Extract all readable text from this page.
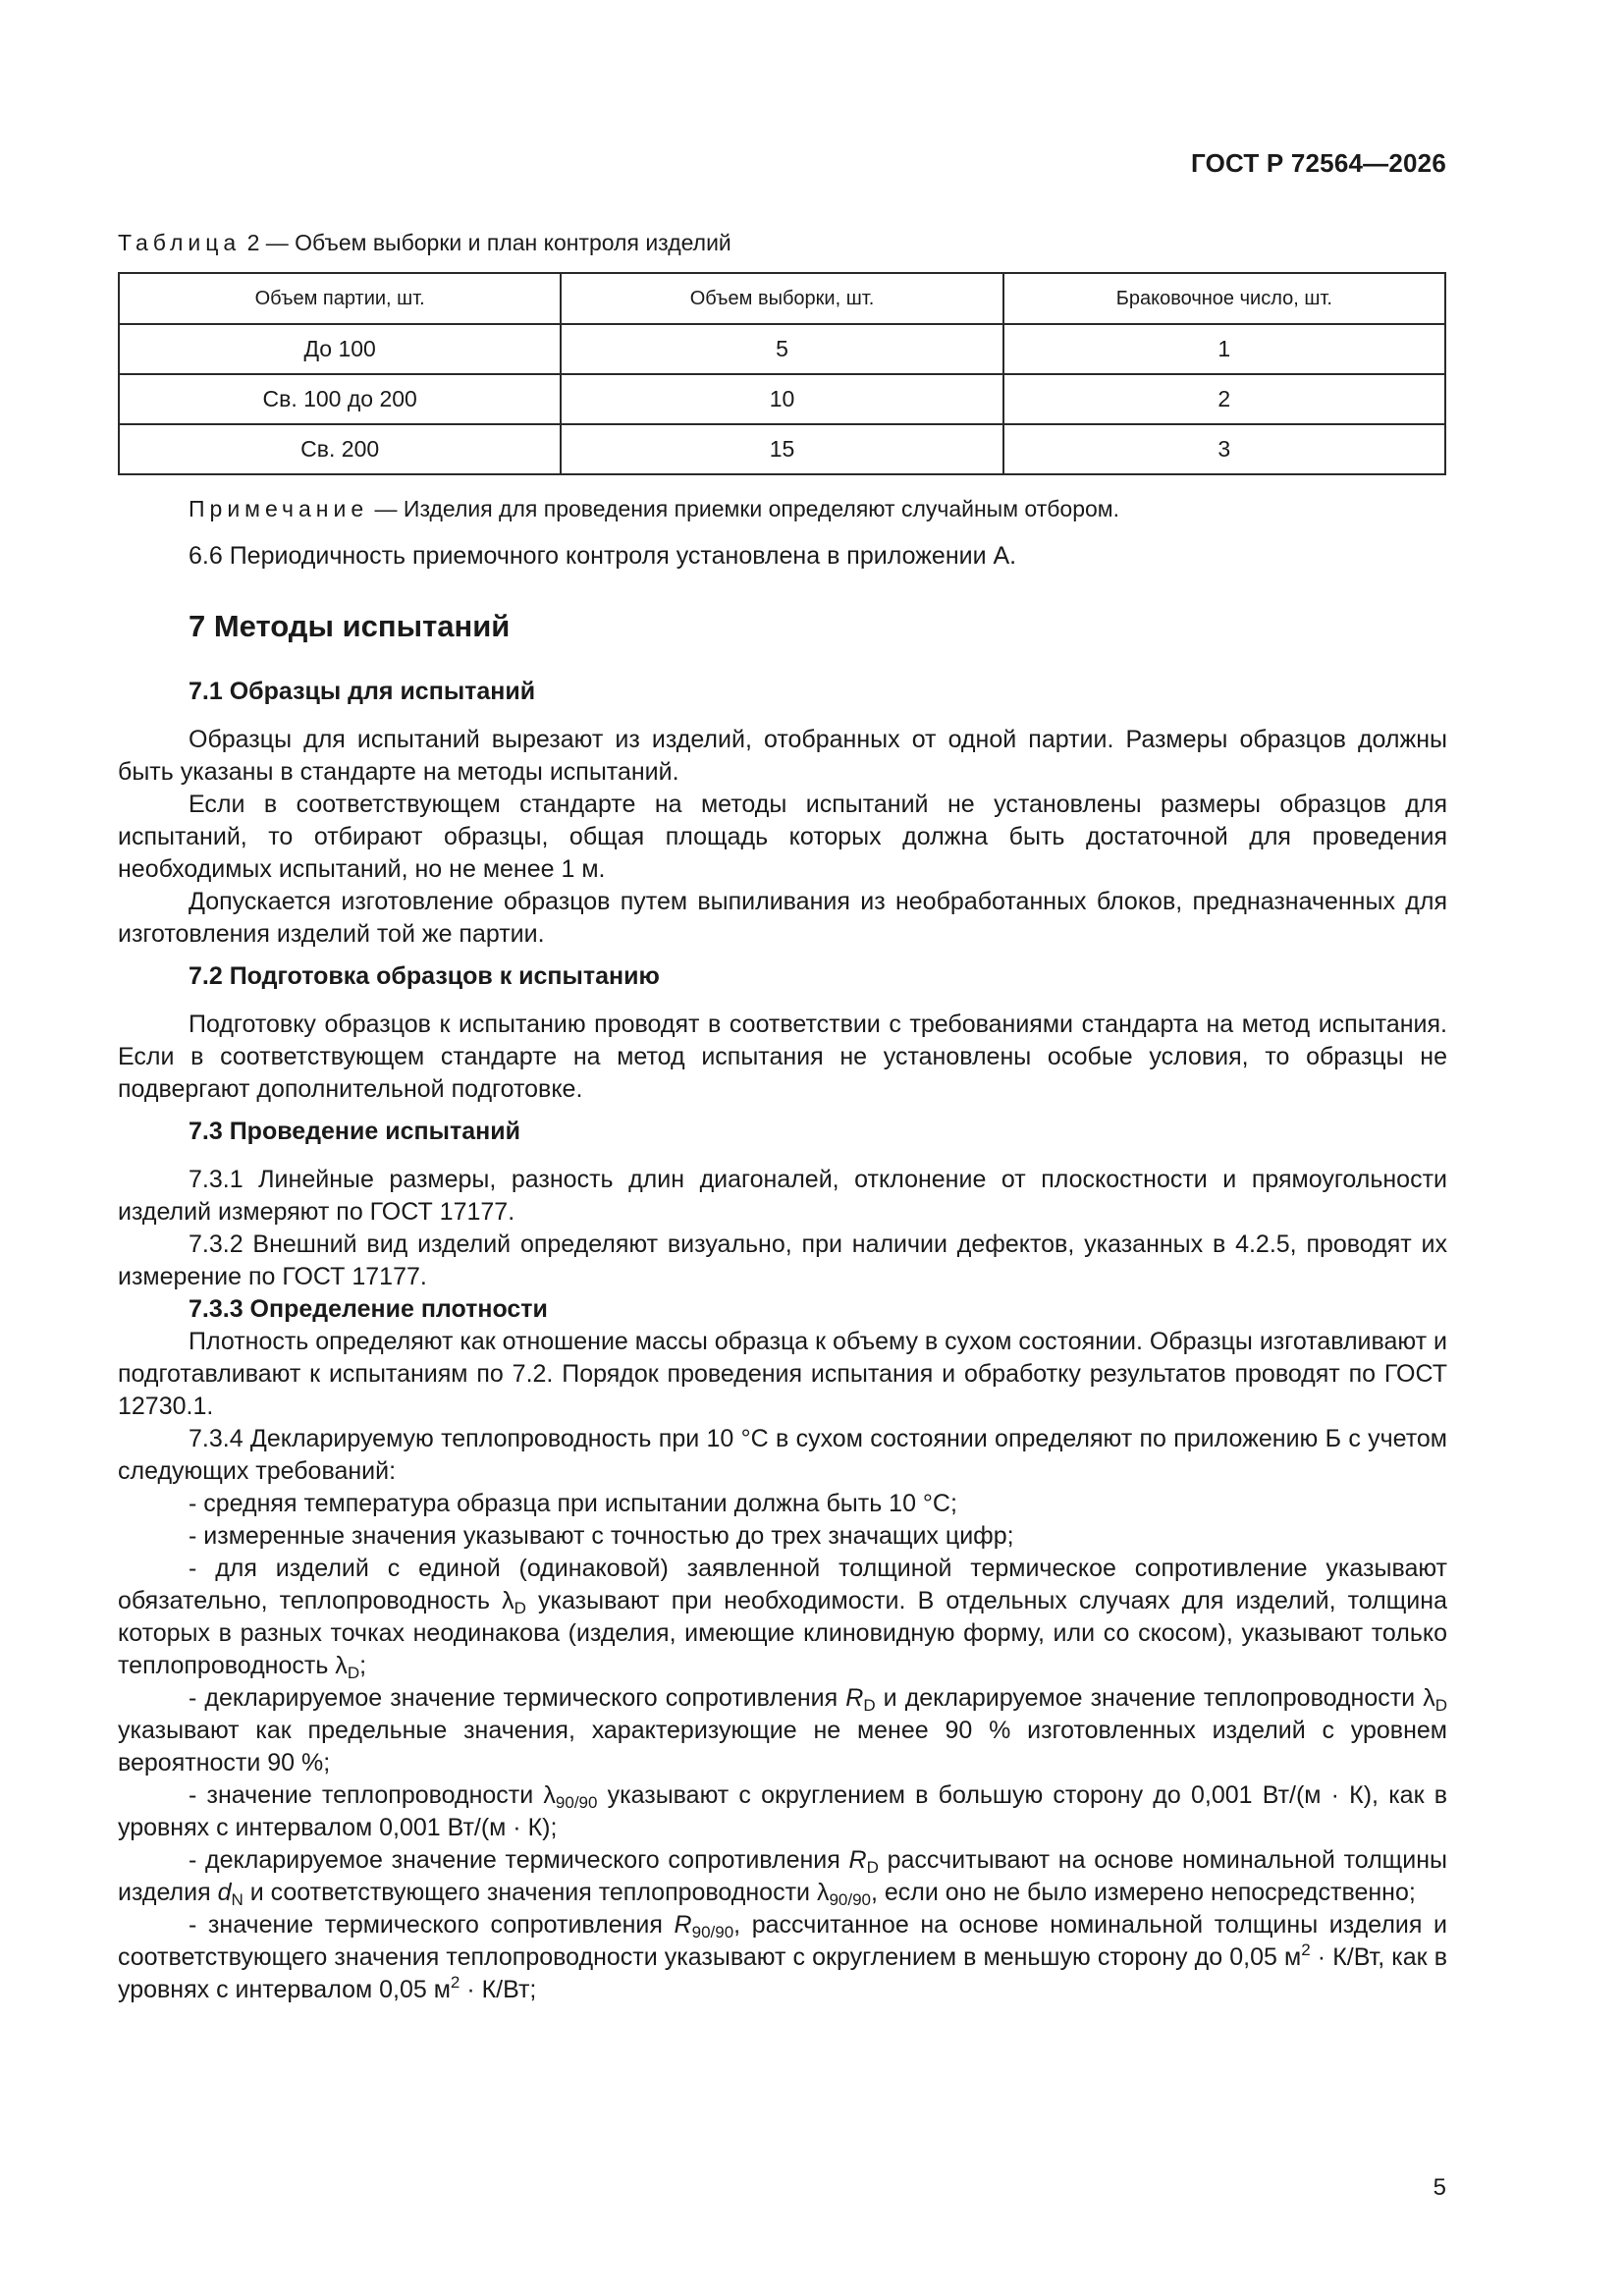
ГОСТ Р 72564—2026
Таблица 2 — Объем выборки и план контроля изделий
Объем партии, шт.	Объем выборки, шт.	Браковочное число, шт.
До 100	5	1
Св. 100 до 200	10	2
Св. 200	15	3
Примечание — Изделия для проведения приемки определяют случайным отбором.

6.6 Периодичность приемочного контроля установлена в приложении А.

7 Методы испытаний

7.1 Образцы для испытаний

Образцы для испытаний вырезают из изделий, отобранных от одной партии. Размеры образцов должны быть указаны в стандарте на методы испытаний.

Если в соответствующем стандарте на методы испытаний не установлены размеры образцов для испытаний, то отбирают образцы, общая площадь которых должна быть достаточной для проведения необходимых испытаний, но не менее 1 м.

Допускается изготовление образцов путем выпиливания из необработанных блоков, предназначенных для изготовления изделий той же партии.

7.2 Подготовка образцов к испытанию

Подготовку образцов к испытанию проводят в соответствии с требованиями стандарта на метод испытания. Если в соответствующем стандарте на метод испытания не установлены особые условия, то образцы не подвергают дополнительной подготовке.

7.3 Проведение испытаний

7.3.1 Линейные размеры, разность длин диагоналей, отклонение от плоскостности и прямоугольности изделий измеряют по ГОСТ 17177.

7.3.2 Внешний вид изделий определяют визуально, при наличии дефектов, указанных в 4.2.5, проводят их измерение по ГОСТ 17177.

7.3.3 Определение плотности

Плотность определяют как отношение массы образца к объему в сухом состоянии. Образцы изготавливают и подготавливают к испытаниям по 7.2. Порядок проведения испытания и обработку результатов проводят по ГОСТ 12730.1.

7.3.4 Декларируемую теплопроводность при 10 °С в сухом состоянии определяют по приложению Б с учетом следующих требований:

- средняя температура образца при испытании должна быть 10 °С;

- измеренные значения указывают с точностью до трех значащих цифр;

- для изделий с единой (одинаковой) заявленной толщиной термическое сопротивление указывают обязательно, теплопроводность $\lambda_D$ указывают при необходимости. В отдельных случаях для изделий, толщина которых в разных точках неодинакова (изделия, имеющие клиновидную форму, или со скосом), указывают только теплопроводность $\lambda_D$;

- декларируемое значение термического сопротивления $R_D$ и декларируемое значение теплопроводности $\lambda_D$ указывают как предельные значения, характеризующие не менее 90 % изготовленных изделий с уровнем вероятности 90 %;

- значение теплопроводности $\lambda_{90/90}$ указывают с округлением в большую сторону до 0,001 Вт/(м · К), как в уровнях с интервалом 0,001 Вт/(м · К);

- декларируемое значение термического сопротивления $R_D$ рассчитывают на основе номинальной толщины изделия $d_N$ и соответствующего значения теплопроводности $\lambda_{90/90}$, если оно не было измерено непосредственно;

- значение термического сопротивления $R_{90/90}$, рассчитанное на основе номинальной толщины изделия и соответствующего значения теплопроводности указывают с округлением в меньшую сторону до 0,05 $м^2 \cdot К/Вт$, как в уровнях с интервалом 0,05 $м^2 \cdot К/Вт$;

5
